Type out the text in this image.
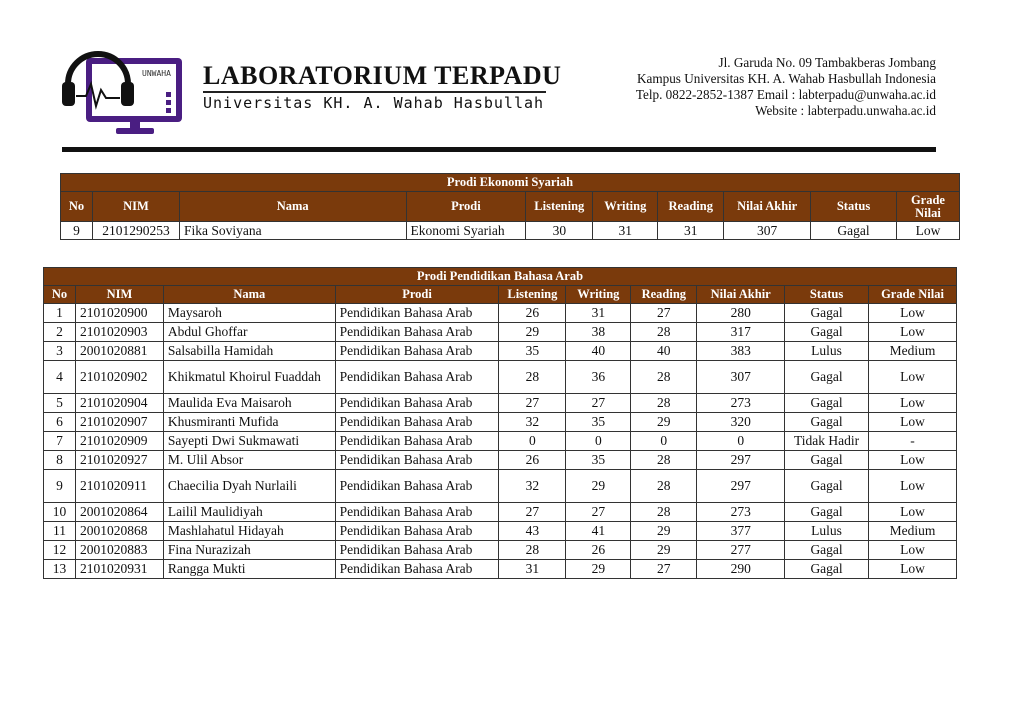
UNWAHA LABORATORIUM TERPADU
Universitas KH. A. Wahab Hasbullah
Jl. Garuda No. 09 Tambakberas Jombang
Kampus Universitas KH. A. Wahab Hasbullah Indonesia
Telp. 0822-2852-1387 Email : labterpadu@unwaha.ac.id
Website : labterpadu.unwaha.ac.id
Prodi Ekonomi Syariah									
No	NIM	Nama	Prodi	Listening	Writing	Reading	Nilai Akhir	Status	Grade Nilai
9	2101290253	Fika Soviyana	Ekonomi Syariah	30	31	31	307	Gagal	Low
Prodi Pendidikan Bahasa Arab									
No	NIM	Nama	Prodi	Listening	Writing	Reading	Nilai Akhir	Status	Grade Nilai
1	2101020900	Maysaroh	Pendidikan Bahasa Arab	26	31	27	280	Gagal	Low
2	2101020903	Abdul Ghoffar	Pendidikan Bahasa Arab	29	38	28	317	Gagal	Low
3	2001020881	Salsabilla Hamidah	Pendidikan Bahasa Arab	35	40	40	383	Lulus	Medium
4	2101020902	Khikmatul Khoirul Fuaddah	Pendidikan Bahasa Arab	28	36	28	307	Gagal	Low
5	2101020904	Maulida Eva Maisaroh	Pendidikan Bahasa Arab	27	27	28	273	Gagal	Low
6	2101020907	Khusmiranti Mufida	Pendidikan Bahasa Arab	32	35	29	320	Gagal	Low
7	2101020909	Sayepti Dwi Sukmawati	Pendidikan Bahasa Arab	0	0	0	0	Tidak Hadir	-
8	2101020927	M. Ulil Absor	Pendidikan Bahasa Arab	26	35	28	297	Gagal	Low
9	2101020911	Chaecilia Dyah Nurlaili	Pendidikan Bahasa Arab	32	29	28	297	Gagal	Low
10	2001020864	Lailil Maulidiyah	Pendidikan Bahasa Arab	27	27	28	273	Gagal	Low
11	2001020868	Mashlahatul Hidayah	Pendidikan Bahasa Arab	43	41	29	377	Lulus	Medium
12	2001020883	Fina Nurazizah	Pendidikan Bahasa Arab	28	26	29	277	Gagal	Low
13	2101020931	Rangga Mukti	Pendidikan Bahasa Arab	31	29	27	290	Gagal	Low
